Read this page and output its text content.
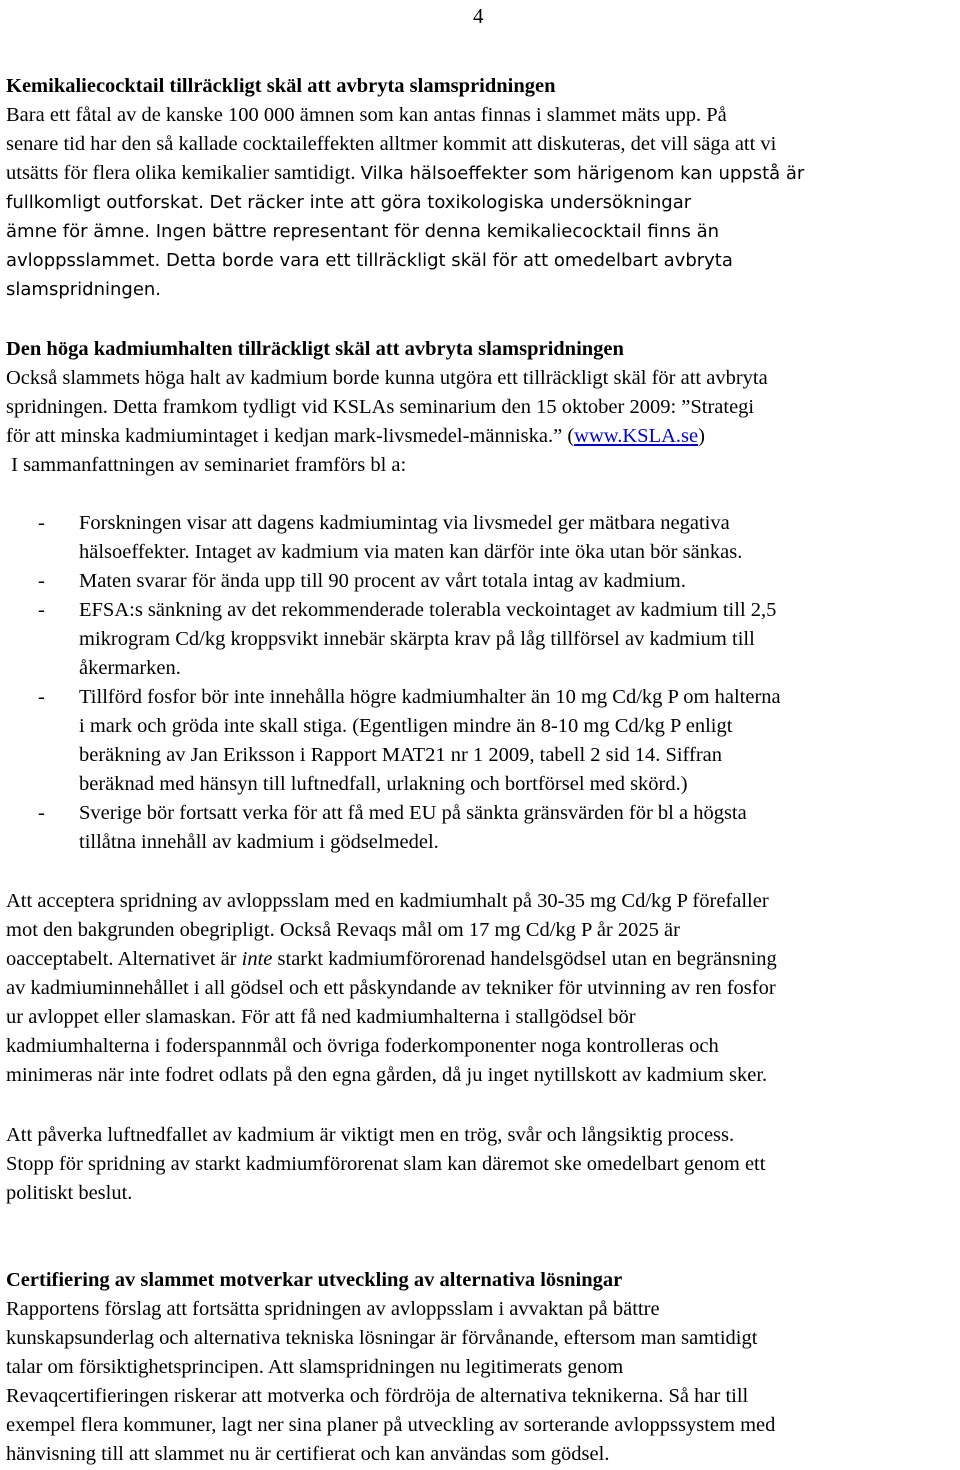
4
Kemikaliecocktail tillräckligt skäl att avbryta slamspridningen
Bara ett fåtal av de kanske 100 000 ämnen som kan antas finnas i slammet mäts upp. På
senare tid har den så kallade cocktaileffekten alltmer kommit att diskuteras, det vill säga att vi
utsätts för flera olika kemikalier samtidigt. Vilka hälsoeffekter som härigenom kan uppstå är
fullkomligt outforskat. Det räcker inte att göra toxikologiska undersökningar
ämne för ämne. Ingen bättre representant för denna kemikaliecocktail finns än
avloppsslammet. Detta borde vara ett tillräckligt skäl för att omedelbart avbryta
slamspridningen.
Den höga kadmiumhalten tillräckligt skäl att avbryta slamspridningen
Också slammets höga halt av kadmium borde kunna utgöra ett tillräckligt skäl för att avbryta
spridningen. Detta framkom tydligt vid KSLAs seminarium den 15 oktober 2009: ”Strategi
för att minska kadmiumintaget i kedjan mark-livsmedel-människa.” (www.KSLA.se)
I sammanfattningen av seminariet framförs bl a:
- Forskningen visar att dagens kadmiumintag via livsmedel ger mätbara negativa
hälsoeffekter. Intaget av kadmium via maten kan därför inte öka utan bör sänkas.
- Maten svarar för ända upp till 90 procent av vårt totala intag av kadmium.
- EFSA:s sänkning av det rekommenderade tolerabla veckointaget av kadmium till 2,5
mikrogram Cd/kg kroppsvikt innebär skärpta krav på låg tillförsel av kadmium till
åkermarken.
- Tillförd fosfor bör inte innehålla högre kadmiumhalter än 10 mg Cd/kg P om halterna
i mark och gröda inte skall stiga. (Egentligen mindre än 8-10 mg Cd/kg P enligt
beräkning av Jan Eriksson i Rapport MAT21 nr 1 2009, tabell 2 sid 14. Siffran
beräknad med hänsyn till luftnedfall, urlakning och bortförsel med skörd.)
- Sverige bör fortsatt verka för att få med EU på sänkta gränsvärden för bl a högsta
tillåtna innehåll av kadmium i gödselmedel.
Att acceptera spridning av avloppsslam med en kadmiumhalt på 30-35 mg Cd/kg P förefaller
mot den bakgrunden obegripligt. Också Revaqs mål om 17 mg Cd/kg P år 2025 är
oacceptabelt. Alternativet är inte starkt kadmiumförorenad handelsgödsel utan en begränsning
av kadmiuminnehållet i all gödsel och ett påskyndande av tekniker för utvinning av ren fosfor
ur avloppet eller slamaskan. För att få ned kadmiumhalterna i stallgödsel bör
kadmiumhalterna i foderspannmål och övriga foderkomponenter noga kontrolleras och
minimeras när inte fodret odlats på den egna gården, då ju inget nytillskott av kadmium sker.
Att påverka luftnedfallet av kadmium är viktigt men en trög, svår och långsiktig process.
Stopp för spridning av starkt kadmiumförorenat slam kan däremot ske omedelbart genom ett
politiskt beslut.
Certifiering av slammet motverkar utveckling av alternativa lösningar
Rapportens förslag att fortsätta spridningen av avloppsslam i avvaktan på bättre
kunskapsunderlag och alternativa tekniska lösningar är förvånande, eftersom man samtidigt
talar om försiktighetsprincipen. Att slamspridningen nu legitimerats genom
Revaqcertifieringen riskerar att motverka och fördröja de alternativa teknikerna. Så har till
exempel flera kommuner, lagt ner sina planer på utveckling av sorterande avloppssystem med
hänvisning till att slammet nu är certifierat och kan användas som gödsel.
